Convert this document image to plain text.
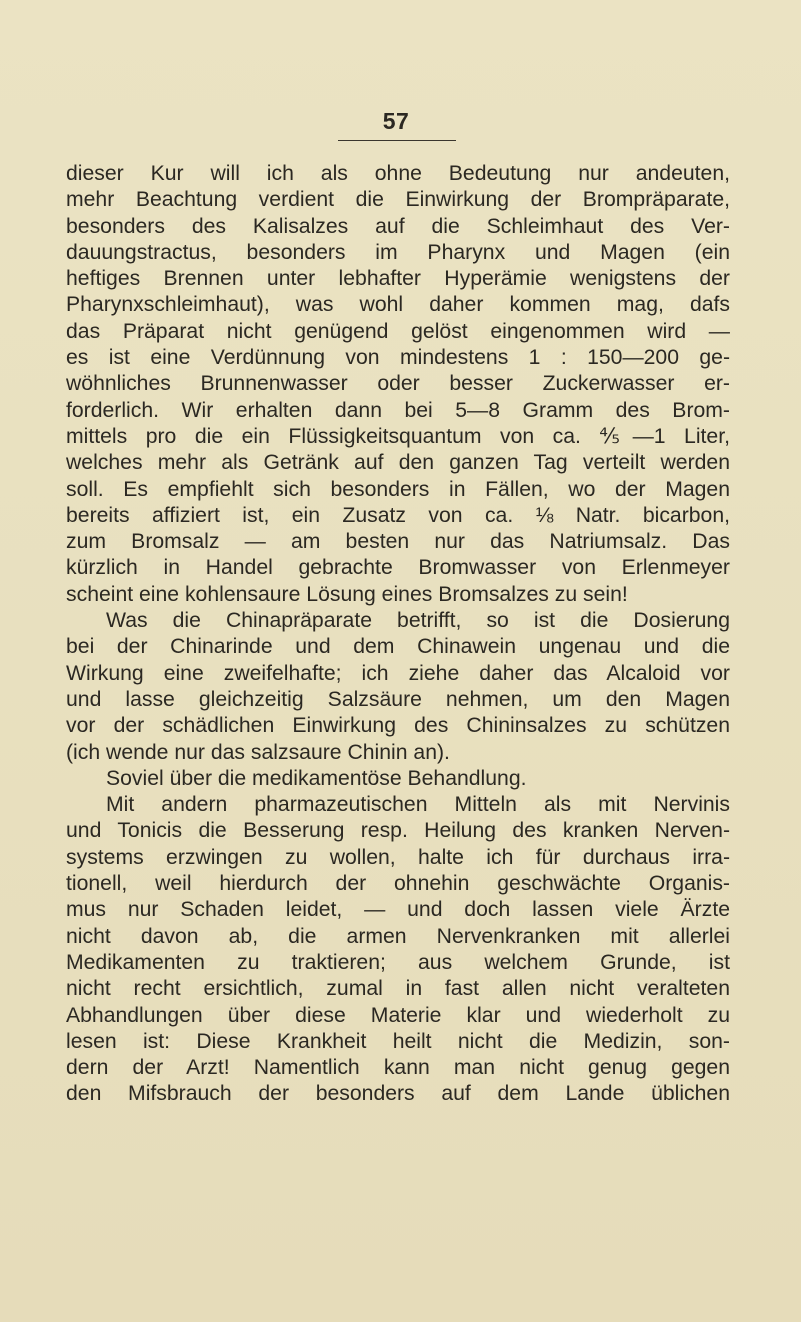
57
dieser Kur will ich als ohne Bedeutung nur andeuten,
mehr Beachtung verdient die Einwirkung der Brompräparate,
besonders des Kalisalzes auf die Schleimhaut des Ver-
dauungstractus, besonders im Pharynx und Magen (ein
heftiges Brennen unter lebhafter Hyperämie wenigstens der
Pharynxschleimhaut), was wohl daher kommen mag, dafs
das Präparat nicht genügend gelöst eingenommen wird —
es ist eine Verdünnung von mindestens 1 : 150—200 ge-
wöhnliches Brunnenwasser oder besser Zuckerwasser er-
forderlich. Wir erhalten dann bei 5—8 Gramm des Brom-
mittels pro die ein Flüssigkeitsquantum von ca. ⅘—1 Liter,
welches mehr als Getränk auf den ganzen Tag verteilt werden
soll. Es empfiehlt sich besonders in Fällen, wo der Magen
bereits affiziert ist, ein Zusatz von ca. ⅛ Natr. bicarbon,
zum Bromsalz — am besten nur das Natriumsalz. Das
kürzlich in Handel gebrachte Bromwasser von Erlenmeyer
scheint eine kohlensaure Lösung eines Bromsalzes zu sein!
Was die Chinapräparate betrifft, so ist die Dosierung
bei der Chinarinde und dem Chinawein ungenau und die
Wirkung eine zweifelhafte; ich ziehe daher das Alcaloid vor
und lasse gleichzeitig Salzsäure nehmen, um den Magen
vor der schädlichen Einwirkung des Chininsalzes zu schützen
(ich wende nur das salzsaure Chinin an).
Soviel über die medikamentöse Behandlung.
Mit andern pharmazeutischen Mitteln als mit Nervinis
und Tonicis die Besserung resp. Heilung des kranken Nerven-
systems erzwingen zu wollen, halte ich für durchaus irra-
tionell, weil hierdurch der ohnehin geschwächte Organis-
mus nur Schaden leidet, — und doch lassen viele Ärzte
nicht davon ab, die armen Nervenkranken mit allerlei
Medikamenten zu traktieren; aus welchem Grunde, ist
nicht recht ersichtlich, zumal in fast allen nicht veralteten
Abhandlungen über diese Materie klar und wiederholt zu
lesen ist: Diese Krankheit heilt nicht die Medizin, son-
dern der Arzt! Namentlich kann man nicht genug gegen
den Mifsbrauch der besonders auf dem Lande üblichen
